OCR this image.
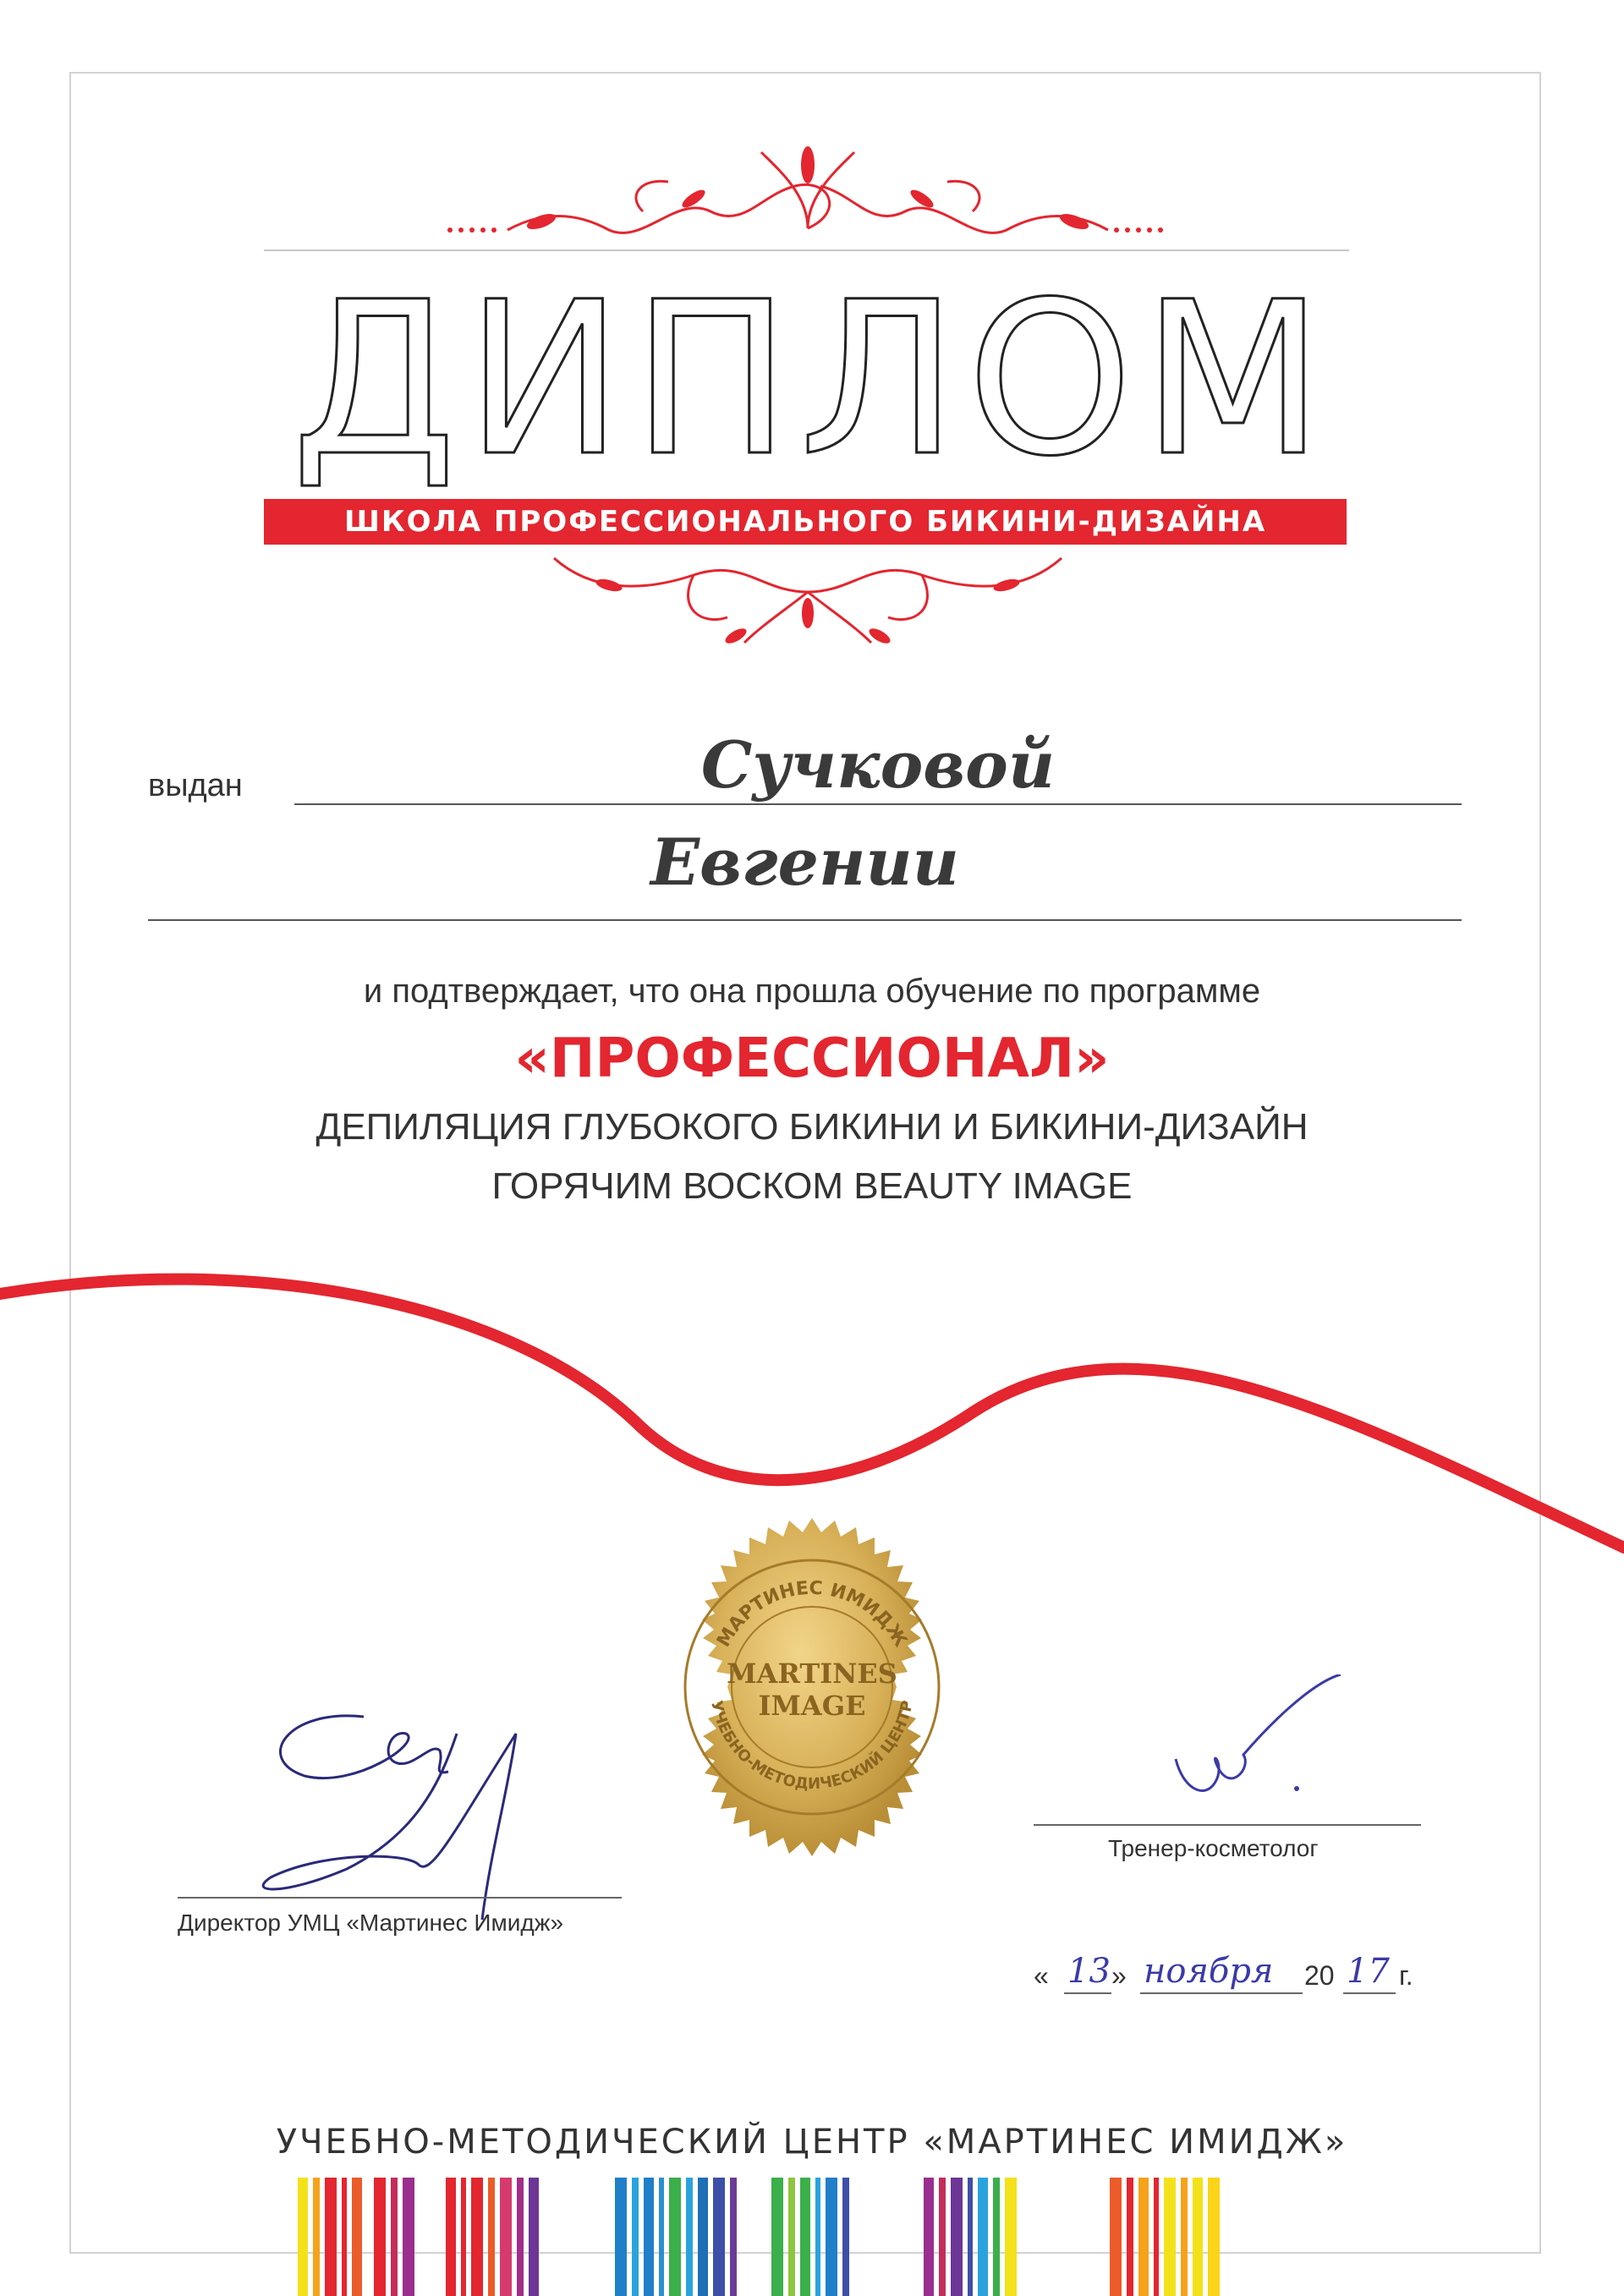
ДИПЛОМ
ШКОЛА ПРОФЕССИОНАЛЬНОГО БИКИНИ-ДИЗАЙНА
выдан	Сучковой
Евгении
и подтверждает, что она прошла обучение по программе
«ПРОФЕССИОНАЛ»
ДЕПИЛЯЦИЯ ГЛУБОКОГО БИКИНИ И БИКИНИ-ДИЗАЙН
ГОРЯЧИМ ВОСКОМ BEAUTY IMAGE
МАРТИНЕС ИМИДЖ
УЧЕБНО-МЕТОДИЧЕСКИЙ ЦЕНТР
MARTINES
IMAGE
Директор УМЦ «Мартинес Имидж»
Тренер-косметолог
« 13 » ноября 20 17 г.
УЧЕБНО-МЕТОДИЧЕСКИЙ ЦЕНТР «МАРТИНЕС ИМИДЖ»
